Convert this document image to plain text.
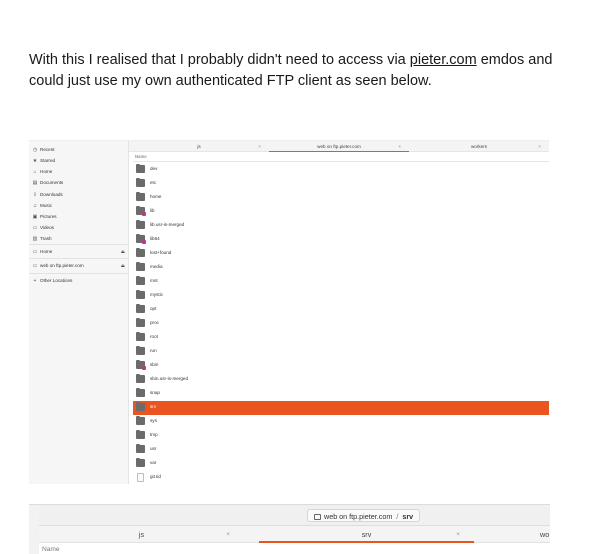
With this I realised that I probably didn't need to access via pieter.com emdos and could just use my own authenticated FTP client as seen below.

◷ Recent
★ Starred
⌂ Home
▤ Documents
⇩ Downloads
♫ Music
▣ Pictures
▭ Videos
▥ Trash
▭ Home	⏏
▭ web on ftp.pieter.com	⏏
+ Other Locations
js	×	web on ftp.pieter.com	×	workers	×
Name
dev
etc
home
lib
lib.usr-is-merged
lib64
lost+found
media
mnt
mystic
opt
proc
root
run
sbin
sbin.usr-is-merged
snap
srv
sys
tmp
usr
var
git.tid
web on ftp.pieter.com / srv
js	×	srv	×	wo
Name
